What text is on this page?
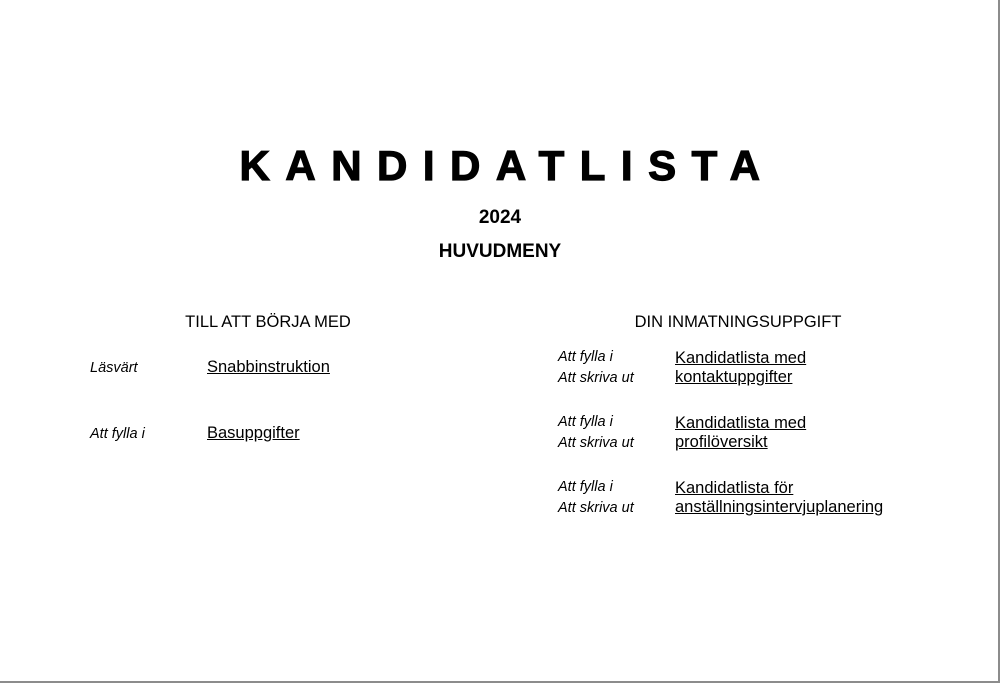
KANDIDATLISTA
2024
HUVUDMENY
TILL ATT BÖRJA MED
Läsvärt	Snabbinstruktion
Att fylla i	Basuppgifter
DIN INMATNINGSUPPGIFT
Att fylla i
Att skriva ut
Kandidatlista med
kontaktuppgifter
Att fylla i
Att skriva ut
Kandidatlista med
profilöversikt
Att fylla i
Att skriva ut
Kandidatlista för
anställningsintervjuplanering
